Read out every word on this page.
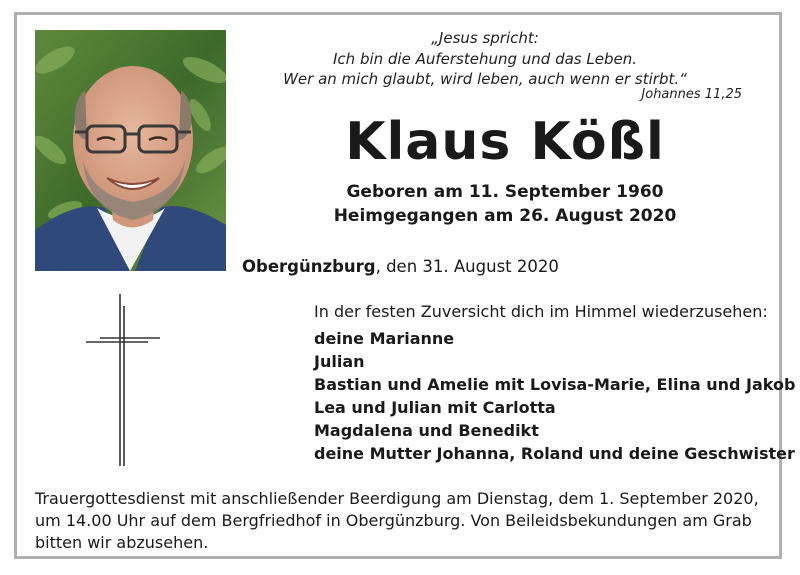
„Jesus spricht:
Ich bin die Auferstehung und das Leben.
Wer an mich glaubt, wird leben, auch wenn er stirbt.“
Johannes 11,25
Klaus Kößl
Geboren am 11. September 1960
Heimgegangen am 26. August 2020
Obergünzburg, den 31. August 2020
In der festen Zuversicht dich im Himmel wiederzusehen:
deine Marianne
Julian
Bastian und Amelie mit Lovisa-Marie, Elina und Jakob
Lea und Julian mit Carlotta
Magdalena und Benedikt
deine Mutter Johanna, Roland und deine Geschwister
Trauergottesdienst mit anschließender Beerdigung am Dienstag, dem 1. September 2020,
um 14.00 Uhr auf dem Bergfriedhof in Obergünzburg. Von Beileidsbekundungen am Grab
bitten wir abzusehen.
